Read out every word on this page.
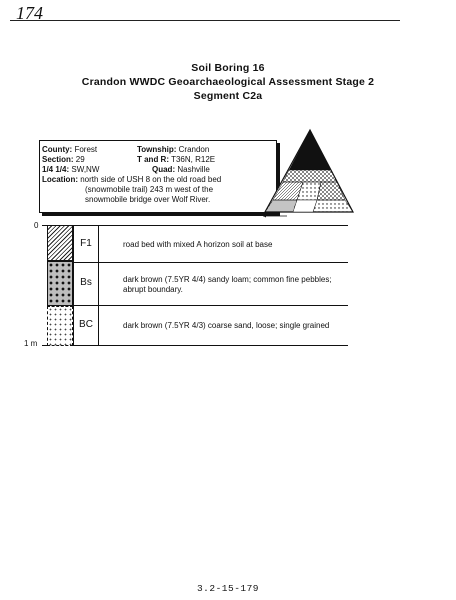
174
Soil Boring 16
Crandon WWDC Geoarchaeological Assessment Stage 2
Segment C2a
County: Forest	Township: Crandon
Section: 29	T and R: T36N, R12E
1/4 1/4: SW,NW	Quad: Nashville
Location: north side of USH 8 on the old road bed
(snowmobile trail) 243 m west of the
snowmobile bridge over Wolf River.
0
1 m
F1	road bed with mixed A horizon soil at base
Bs	dark brown (7.5YR 4/4) sandy loam; common fine pebbles;
abrupt boundary.
BC	dark brown (7.5YR 4/3) coarse sand, loose; single grained
3.2-15-179
